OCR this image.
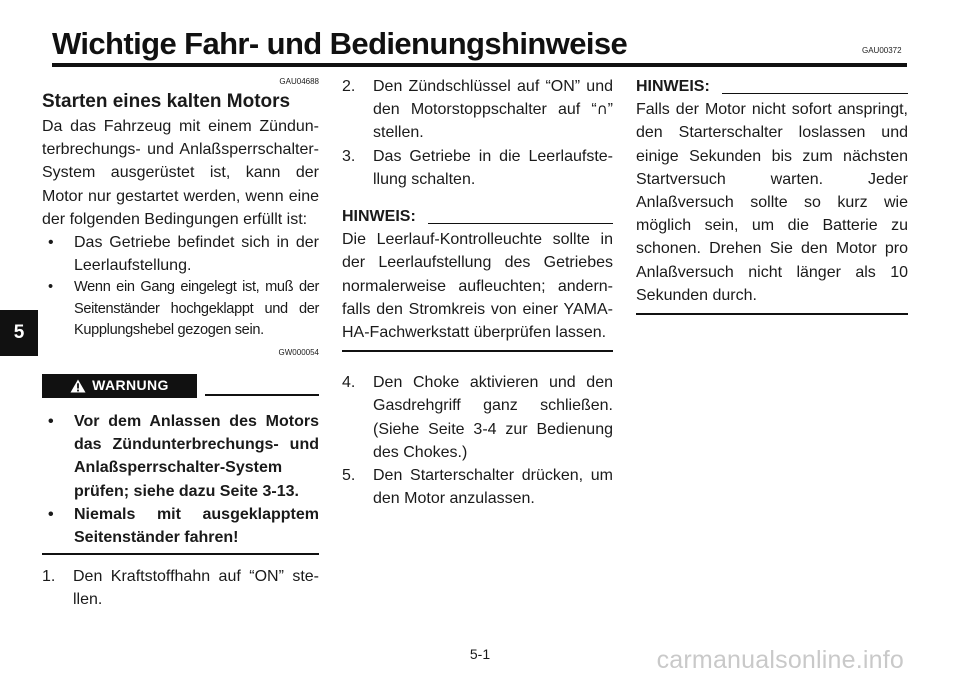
Wichtige Fahr- und Bedienungshinweise	GAU00372
5
GAU04688
Starten eines kalten Motors

Da das Fahrzeug mit einem Zündunterbrechungs- und Anlaßsperrschalter-System ausgerüstet ist, kann der Motor nur gestartet werden, wenn eine der folgenden Bedingungen erfüllt ist:

• Das Getriebe befindet sich in der Leerlaufstellung.
• Wenn ein Gang eingelegt ist, muß der Seitenständer hochgeklappt und der Kupplungshebel gezogen sein.
GW000054
WARNUNG
• Vor dem Anlassen des Motors das Zündunterbrechungs- und Anlaßsperrschalter-System prüfen; siehe dazu Seite 3-13.
• Niemals mit ausgeklapptem Seitenständer fahren!
1. Den Kraftstoffhahn auf “ON” stellen.
2. Den Zündschlüssel auf “ON” und den Motorstoppschalter auf “∩” stellen.
3. Das Getriebe in die Leerlaufstellung schalten.
HINWEIS:

Die Leerlauf-Kontrolleuchte sollte in der Leerlaufstellung des Getriebes normalerweise aufleuchten; andernfalls den Stromkreis von einer YAMAHA-Fachwerkstatt überprüfen lassen.

4. Den Choke aktivieren und den Gasdrehgriff ganz schließen. (Siehe Seite 3-4 zur Bedienung des Chokes.)
5. Den Starterschalter drücken, um den Motor anzulassen.
HINWEIS:

Falls der Motor nicht sofort anspringt, den Starterschalter loslassen und einige Sekunden bis zum nächsten Startversuch warten. Jeder Anlaßversuch sollte so kurz wie möglich sein, um die Batterie zu schonen. Drehen Sie den Motor pro Anlaßversuch nicht länger als 10 Sekunden durch.

5-1	carmanualsonline.info
